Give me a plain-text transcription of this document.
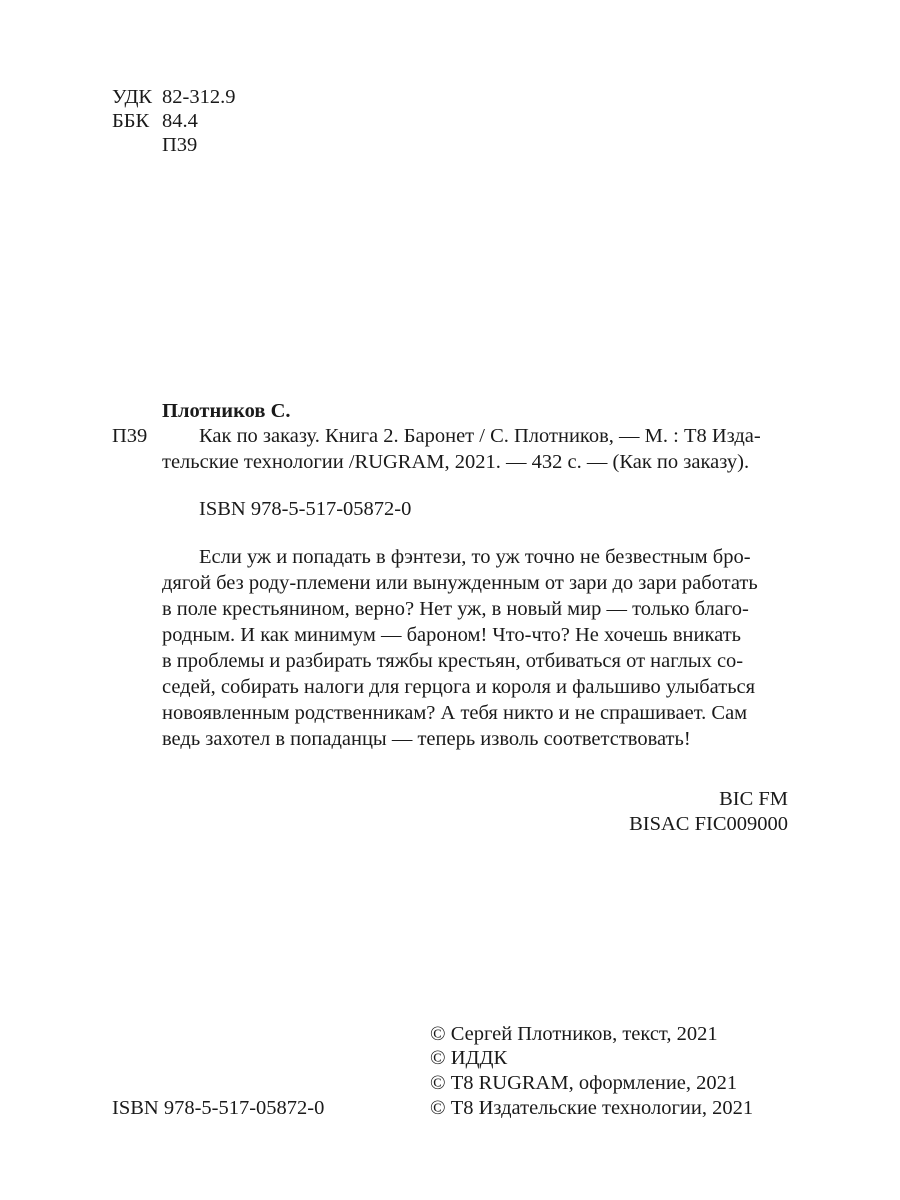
УДК 82-312.9
ББК 84.4
П39
Плотников С.
П39	Как по заказу. Книга 2. Баронет / С. Плотников, — М. : Т8 Изда-

тельские технологии /RUGRAM, 2021. — 432 с. — (Как по заказу).

ISBN 978-5-517-05872-0

Если уж и попадать в фэнтези, то уж точно не безвестным бро-

дягой без роду-племени или вынужденным от зари до зари работать

в поле крестьянином, верно? Нет уж, в новый мир — только благо-

родным. И как минимум — бароном! Что-что? Не хочешь вникать

в проблемы и разбирать тяжбы крестьян, отбиваться от наглых со-

седей, собирать налоги для герцога и короля и фальшиво улыбаться

новоявленным родственникам? А тебя никто и не спрашивает. Сам

ведь захотел в попаданцы — теперь изволь соответствовать!

BIC FM
BISAC FIC009000
ISBN 978-5-517-05872-0
© Сергей Плотников, текст, 2021
© ИДДК
© Т8 RUGRAM, оформление, 2021
© Т8 Издательские технологии, 2021
